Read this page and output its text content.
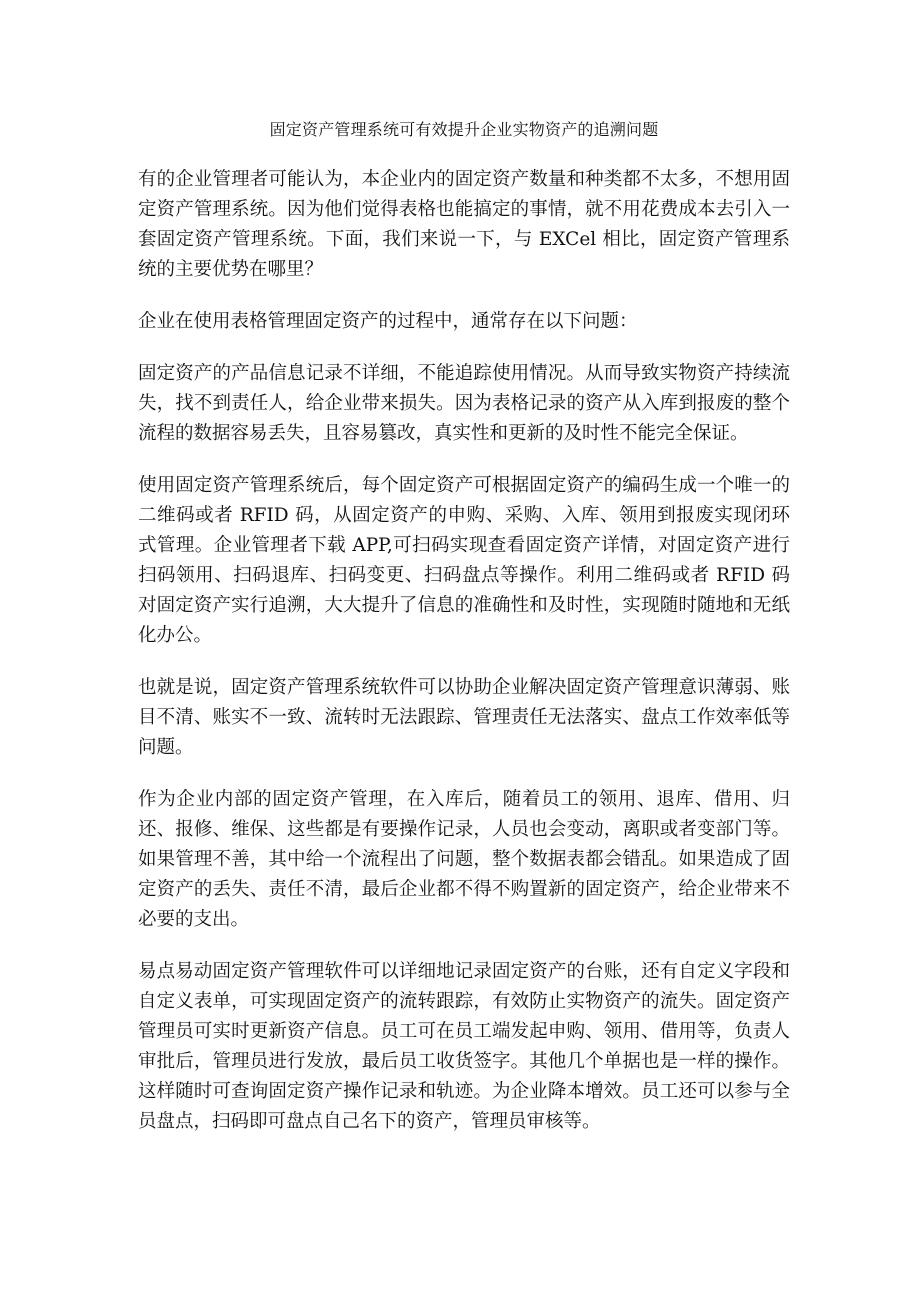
固定资产管理系统可有效提升企业实物资产的追溯问题

有的企业管理者可能认为，本企业内的固定资产数量和种类都不太多，不想用固定资产管理系统。因为他们觉得表格也能搞定的事情，就不用花费成本去引入一套固定资产管理系统。下面，我们来说一下，与 EXCel 相比，固定资产管理系统的主要优势在哪里？

企业在使用表格管理固定资产的过程中，通常存在以下问题：

固定资产的产品信息记录不详细，不能追踪使用情况。从而导致实物资产持续流失，找不到责任人，给企业带来损失。因为表格记录的资产从入库到报废的整个流程的数据容易丢失，且容易篡改，真实性和更新的及时性不能完全保证。

使用固定资产管理系统后，每个固定资产可根据固定资产的编码生成一个唯一的二维码或者 RFID 码，从固定资产的申购、采购、入库、领用到报废实现闭环式管理。企业管理者下载 APP,可扫码实现查看固定资产详情，对固定资产进行扫码领用、扫码退库、扫码变更、扫码盘点等操作。利用二维码或者 RFID 码对固定资产实行追溯，大大提升了信息的准确性和及时性，实现随时随地和无纸化办公。

也就是说，固定资产管理系统软件可以协助企业解决固定资产管理意识薄弱、账目不清、账实不一致、流转时无法跟踪、管理责任无法落实、盘点工作效率低等问题。

作为企业内部的固定资产管理，在入库后，随着员工的领用、退库、借用、归还、报修、维保、这些都是有要操作记录，人员也会变动，离职或者变部门等。如果管理不善，其中给一个流程出了问题，整个数据表都会错乱。如果造成了固定资产的丢失、责任不清，最后企业都不得不购置新的固定资产，给企业带来不必要的支出。

易点易动固定资产管理软件可以详细地记录固定资产的台账，还有自定义字段和自定义表单，可实现固定资产的流转跟踪，有效防止实物资产的流失。固定资产管理员可实时更新资产信息。员工可在员工端发起申购、领用、借用等，负责人审批后，管理员进行发放，最后员工收货签字。其他几个单据也是一样的操作。这样随时可查询固定资产操作记录和轨迹。为企业降本增效。员工还可以参与全员盘点，扫码即可盘点自己名下的资产，管理员审核等。
